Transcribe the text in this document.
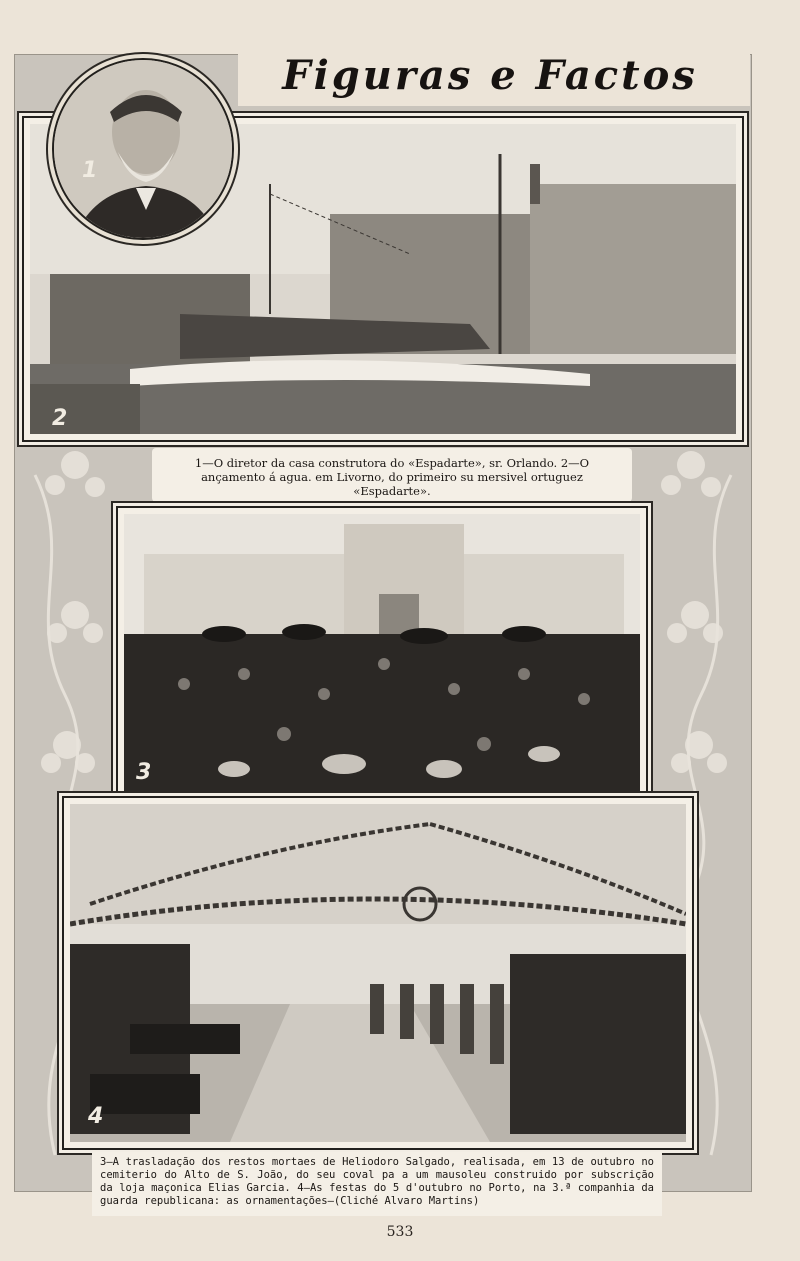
Figuras e Factos
2
1
1—O diretor da casa construtora do «Espadarte», sr. Orlando. 2—O ançamento á agua. em Livorno, do primeiro su mersivel ortuguez «Espadarte».
3
4
3—A trasladação dos restos mortaes de Heliodoro Salgado, realisada, em 13 de outubro no cemiterio do Alto de S. João, do seu coval pa a um mausoleu construido por subscrição da loja maçonica Elias Garcia. 4—As festas do 5 d'outubro no Porto, na 3.ª companhia da guarda republicana: as ornamentações—(Cliché Alvaro Martins)
533
